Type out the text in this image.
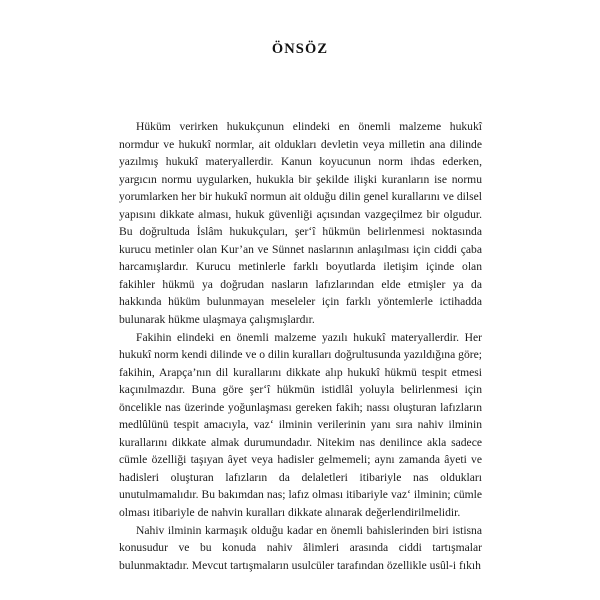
ÖNSÖZ

Hüküm verirken hukukçunun elindeki en önemli malzeme hukukî normdur ve hukukî normlar, ait oldukları devletin veya milletin ana dilinde yazılmış hukukî materyallerdir. Kanun koyucunun norm ihdas ederken, yargıcın normu uygularken, hukukla bir şekilde ilişki kuranların ise normu yorumlarken her bir hukukî normun ait olduğu dilin genel kurallarını ve dilsel yapısını dikkate alması, hukuk güvenliği açısından vazgeçilmez bir olgudur. Bu doğrultuda İslâm hukukçuları, şer‘î hükmün belirlenmesi noktasında kurucu metinler olan Kur’an ve Sünnet naslarının anlaşılması için ciddi çaba harcamışlardır. Kurucu metinlerle farklı boyutlarda iletişim içinde olan fakihler hükmü ya doğrudan nasların lafızlarından elde etmişler ya da hakkında hüküm bulunmayan meseleler için farklı yöntemlerle ictihadda bulunarak hükme ulaşmaya çalışmışlardır.

Fakihin elindeki en önemli malzeme yazılı hukukî materyallerdir. Her hukukî norm kendi dilinde ve o dilin kuralları doğrultusunda yazıldığına göre; fakihin, Arapça’nın dil kurallarını dikkate alıp hukukî hükmü tespit etmesi kaçınılmazdır. Buna göre şer‘î hükmün istidlâl yoluyla belirlenmesi için öncelikle nas üzerinde yoğunlaşması gereken fakih; nassı oluşturan lafızların medlûlünü tespit amacıyla, vaz‘ ilminin verilerinin yanı sıra nahiv ilminin kurallarını dikkate almak durumundadır. Nitekim nas denilince akla sadece cümle özelliği taşıyan âyet veya hadisler gelmemeli; aynı zamanda âyeti ve hadisleri oluşturan lafızların da delaletleri itibariyle nas oldukları unutulmamalıdır. Bu bakımdan nas; lafız olması itibariyle vaz‘ ilminin; cümle olması itibariyle de nahvin kuralları dikkate alınarak değerlendirilmelidir.

Nahiv ilminin karmaşık olduğu kadar en önemli bahislerinden biri istisna konusudur ve bu konuda nahiv âlimleri arasında ciddi tartışmalar bulunmaktadır. Mevcut tartışmaların usulcüler tarafından özellikle usûl-i fıkıh
